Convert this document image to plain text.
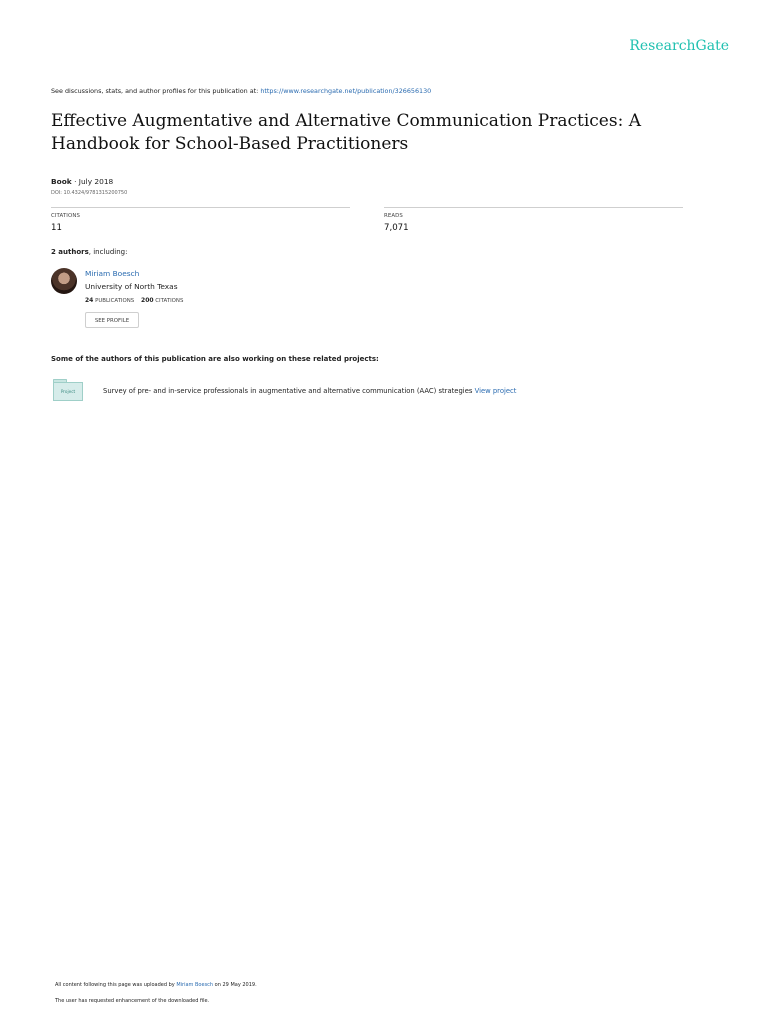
ResearchGate
See discussions, stats, and author profiles for this publication at: https://www.researchgate.net/publication/326656130
Effective Augmentative and Alternative Communication Practices: A Handbook for School-Based Practitioners
Book · July 2018
DOI: 10.4324/9781315200750
CITATIONS
11
READS
7,071
2 authors, including:
Miriam Boesch
University of North Texas
24 PUBLICATIONS 200 CITATIONS
SEE PROFILE
Some of the authors of this publication are also working on these related projects:
Project	Survey of pre- and in-service professionals in augmentative and alternative communication (AAC) strategies View project
All content following this page was uploaded by Miriam Boesch on 29 May 2019.
The user has requested enhancement of the downloaded file.
